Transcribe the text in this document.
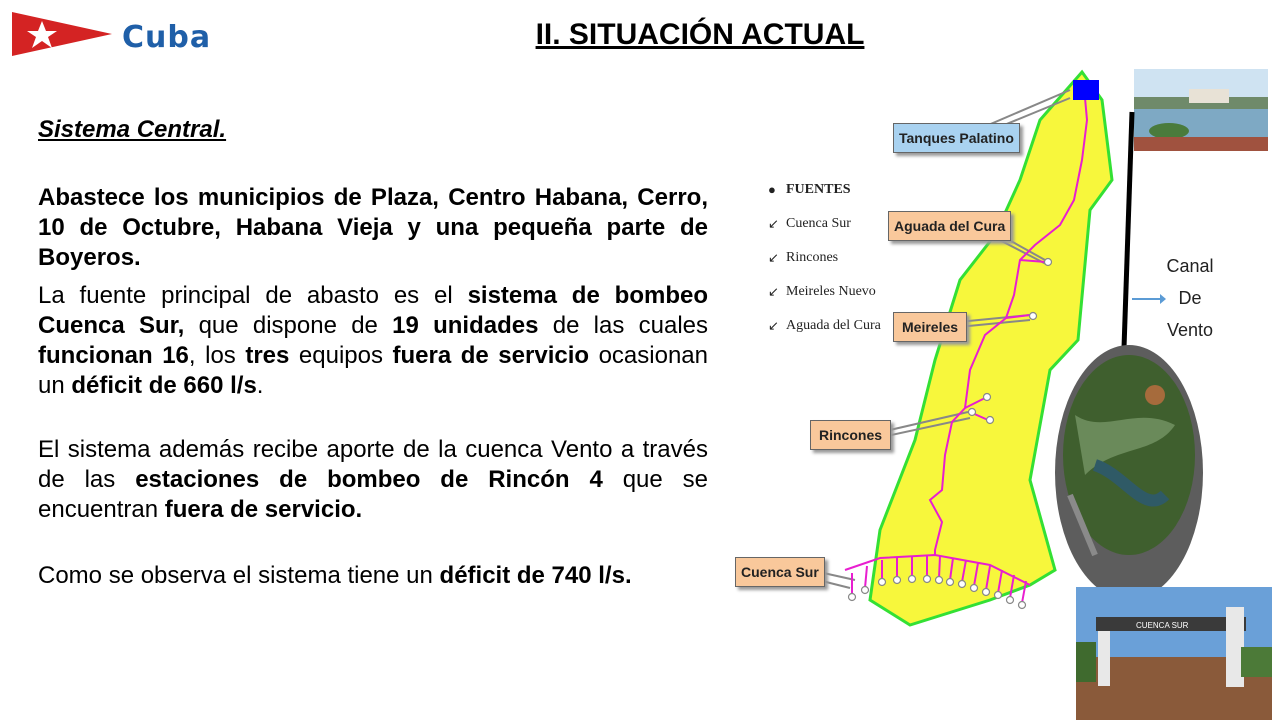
Cuba	II. SITUACIÓN ACTUAL

Sistema Central.

Abastece los municipios de Plaza, Centro Habana, Cerro, 10 de Octubre, Habana Vieja y una pequeña parte de Boyeros.

La fuente principal de abasto es el sistema de bombeo Cuenca Sur, que dispone de 19 unidades de las cuales funcionan 16, los tres equipos fuera de servicio ocasionan un déficit de 660 l/s.

El sistema además recibe aporte de la cuenca Vento a través de las estaciones de bombeo de Rincón 4 que se encuentran fuera de servicio.

Como se observa el sistema tiene un déficit de 740 l/s.

Tanques Palatino
Aguada del Cura
Meireles
Rincones
Cuenca Sur
● FUENTES
↙ Cuenca Sur
↙ Rincones
↙ Meireles Nuevo
↙ Aguada del Cura
Canal
De
Vento
CUENCA SUR
